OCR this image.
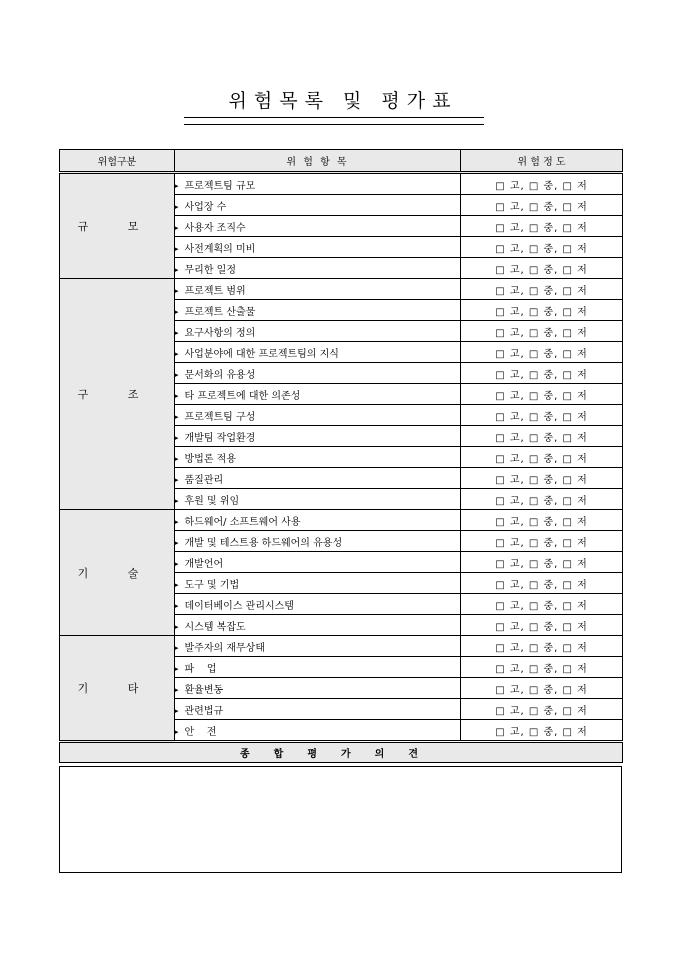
위험목록 및 평가표
위험구분	위 험 항 목	위 험 정 도
규 모	▸ 프로젝트팀 규모	□ 고, □ 중, □ 저
	▸ 사업장 수	□ 고, □ 중, □ 저
	▸ 사용자 조직수	□ 고, □ 중, □ 저
	▸ 사전계획의 미비	□ 고, □ 중, □ 저
	▸ 무리한 일정	□ 고, □ 중, □ 저
구 조	▸ 프로젝트 범위	□ 고, □ 중, □ 저
	▸ 프로젝트 산출물	□ 고, □ 중, □ 저
	▸ 요구사항의 정의	□ 고, □ 중, □ 저
	▸ 사업분야에 대한 프로젝트팀의 지식	□ 고, □ 중, □ 저
	▸ 문서화의 유용성	□ 고, □ 중, □ 저
	▸ 타 프로젝트에 대한 의존성	□ 고, □ 중, □ 저
	▸ 프로젝트팀 구성	□ 고, □ 중, □ 저
	▸ 개발팀 작업환경	□ 고, □ 중, □ 저
	▸ 방법론 적용	□ 고, □ 중, □ 저
	▸ 품질관리	□ 고, □ 중, □ 저
	▸ 후원 및 위임	□ 고, □ 중, □ 저
기 술	▸ 하드웨어/ 소프트웨어 사용	□ 고, □ 중, □ 저
	▸ 개발 및 테스트용 하드웨어의 유용성	□ 고, □ 중, □ 저
	▸ 개발언어	□ 고, □ 중, □ 저
	▸ 도구 및 기법	□ 고, □ 중, □ 저
	▸ 데이터베이스 관리시스템	□ 고, □ 중, □ 저
	▸ 시스템 복잡도	□ 고, □ 중, □ 저
기 타	▸ 발주자의 재무상태	□ 고, □ 중, □ 저
	▸ 파    업	□ 고, □ 중, □ 저
	▸ 환율변동	□ 고, □ 중, □ 저
	▸ 관련법규	□ 고, □ 중, □ 저
	▸ 안    전	□ 고, □ 중, □ 저
종합평가의견		
